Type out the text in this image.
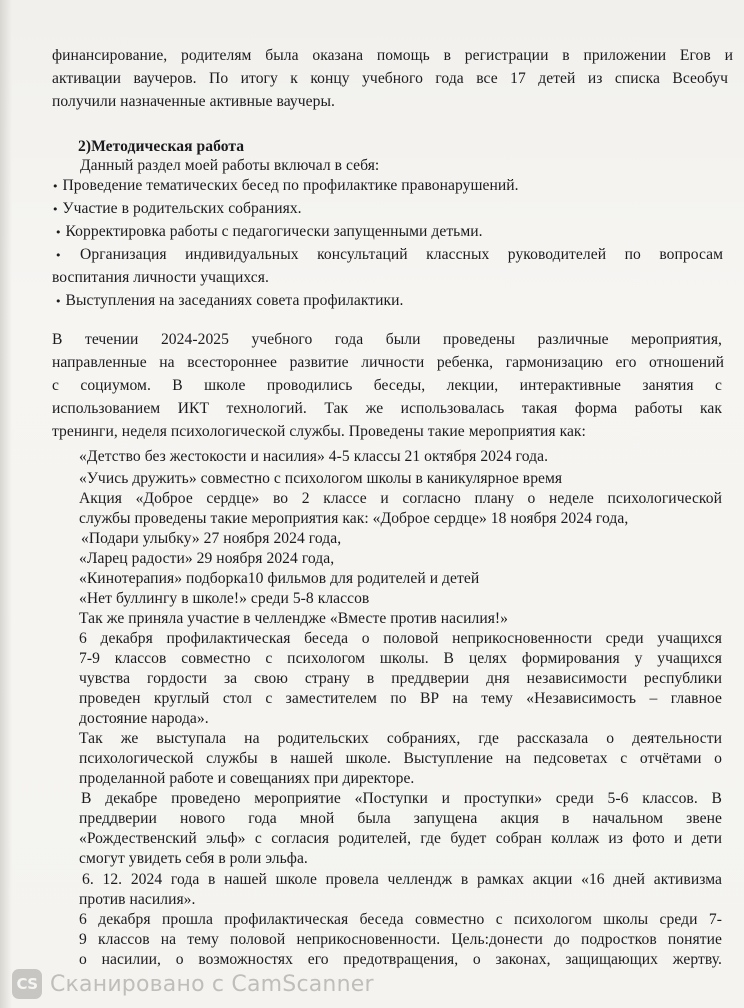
финансирование, родителям была оказана помощь в регистрации в приложении Егов и
активации ваучеров. По итогу к концу учебного года все 17 детей из списка Всеобуч
получили назначенные активные ваучеры.
2)Методическая работа
Данный раздел моей работы включал в себя:
• Проведение тематических бесед по профилактике правонарушений.
• Участие в родительских собраниях.
• Корректировка работы с педагогически запущенными детьми.
• Организация индивидуальных консультаций классных руководителей по вопросам
воспитания личности учащихся.
• Выступления на заседаниях совета профилактики.
В течении 2024-2025 учебного года были проведены различные мероприятия,
направленные на всестороннее развитие личности ребенка, гармонизацию его отношений
с социумом. В школе проводились беседы, лекции, интерактивные занятия с
использованием ИКТ технологий. Так же использовалась такая форма работы как
тренинги, неделя психологической службы. Проведены такие мероприятия как:
«Детство без жестокости и насилия» 4-5 классы 21 октября 2024 года.
«Учись дружить» совместно с психологом школы в каникулярное время
Акция «Доброе сердце» во 2 классе и согласно плану о неделе психологической
службы проведены такие мероприятия как: «Доброе сердце» 18 ноября 2024 года,
«Подари улыбку» 27 ноября 2024 года,
«Ларец радости» 29 ноября 2024 года,
«Кинотерапия» подборка10 фильмов для родителей и детей
«Нет буллингу в школе!» среди 5-8 классов
Так же приняла участие в челлендже «Вместе против насилия!»
6 декабря профилактическая беседа о половой неприкосновенности среди учащихся
7-9 классов совместно с психологом школы. В целях формирования у учащихся
чувства гордости за свою страну в преддверии дня независимости республики
проведен круглый стол с заместителем по ВР на тему «Независимость – главное
достояние народа».
Так же выступала на родительских собраниях, где рассказала о деятельности
психологической службы в нашей школе. Выступление на педсоветах с отчётами о
проделанной работе и совещаниях при директоре.
В декабре проведено мероприятие «Поступки и проступки» среди 5-6 классов. В
преддверии нового года мной была запущена акция в начальном звене
«Рождественский эльф» с согласия родителей, где будет собран коллаж из фото и дети
смогут увидеть себя в роли эльфа.
6. 12. 2024 года в нашей школе провела челлендж в рамках акции «16 дней активизма
против насилия».
6 декабря прошла профилактическая беседа совместно с психологом школы среди 7-
9 классов на тему половой неприкосновенности. Цель:донести до подростков понятие
о насилии, о возможностях его предотвращения, о законах, защищающих жертву.
CS Сканировано с CamScanner
